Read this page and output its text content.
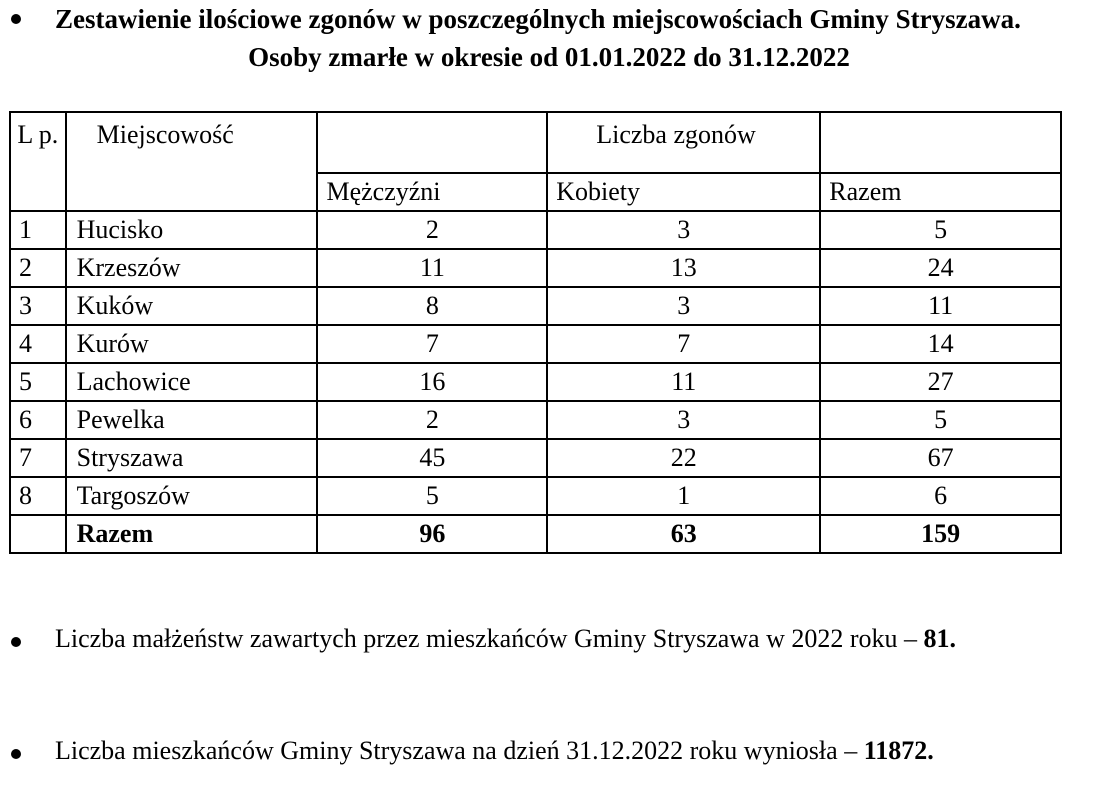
Zestawienie ilościowe zgonów w poszczególnych miejscowościach Gminy Stryszawa.
Osoby zmarłe w okresie od 01.01.2022 do 31.12.2022
L p.	Miejscowość		Liczba zgonów	
		Mężczyźni	Kobiety	Razem
1	Hucisko	2	3	5
2	Krzeszów	11	13	24
3	Kuków	8	3	11
4	Kurów	7	7	14
5	Lachowice	16	11	27
6	Pewelka	2	3	5
7	Stryszawa	45	22	67
8	Targoszów	5	1	6
	Razem	96	63	159
Liczba małżeństw zawartych przez mieszkańców Gminy Stryszawa w 2022 roku – 81.
Liczba mieszkańców Gminy Stryszawa na dzień 31.12.2022 roku wyniosła – 11872.
